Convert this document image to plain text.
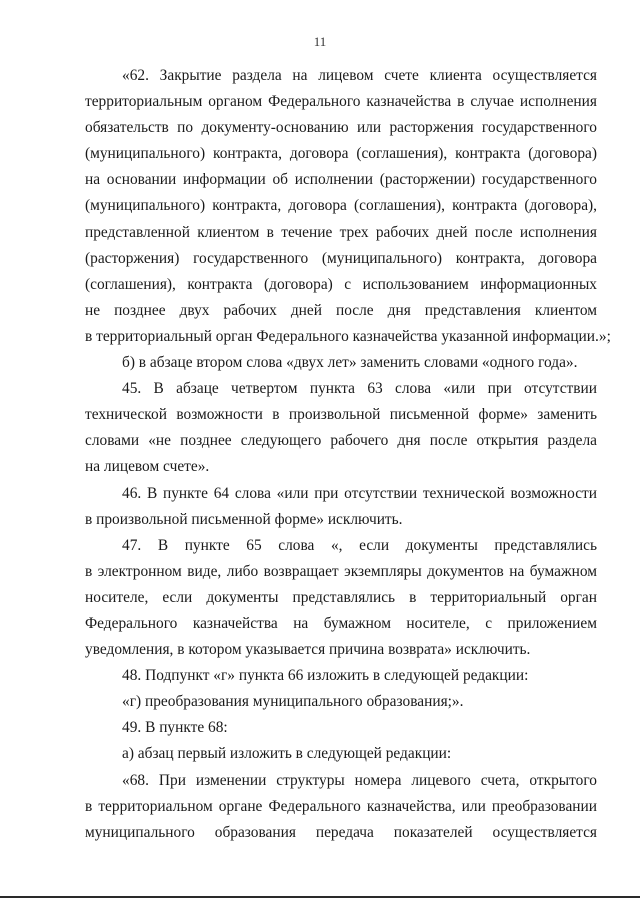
11
«62. Закрытие раздела на лицевом счете клиента осуществляется
территориальным органом Федерального казначейства в случае исполнения
обязательств по документу-основанию или расторжения государственного
(муниципального) контракта, договора (соглашения), контракта (договора)
на основании информации об исполнении (расторжении) государственного
(муниципального) контракта, договора (соглашения), контракта (договора),
представленной клиентом в течение трех рабочих дней после исполнения
(расторжения) государственного (муниципального) контракта, договора
(соглашения), контракта (договора) с использованием информационных
не позднее двух рабочих дней после дня представления клиентом
в территориальный орган Федерального казначейства указанной информации.»;
б) в абзаце втором слова «двух лет» заменить словами «одного года».
45. В абзаце четвертом пункта 63 слова «или при отсутствии
технической возможности в произвольной письменной форме» заменить
словами «не позднее следующего рабочего дня после открытия раздела
на лицевом счете».
46. В пункте 64 слова «или при отсутствии технической возможности
в произвольной письменной форме» исключить.
47. В пункте 65 слова «, если документы представлялись
в электронном виде, либо возвращает экземпляры документов на бумажном
носителе, если документы представлялись в территориальный орган
Федерального казначейства на бумажном носителе, с приложением
уведомления, в котором указывается причина возврата» исключить.
48. Подпункт «г» пункта 66 изложить в следующей редакции:
«г) преобразования муниципального образования;».
49. В пункте 68:
а) абзац первый изложить в следующей редакции:
«68. При изменении структуры номера лицевого счета, открытого
в территориальном органе Федерального казначейства, или преобразовании
муниципального образования передача показателей осуществляется
